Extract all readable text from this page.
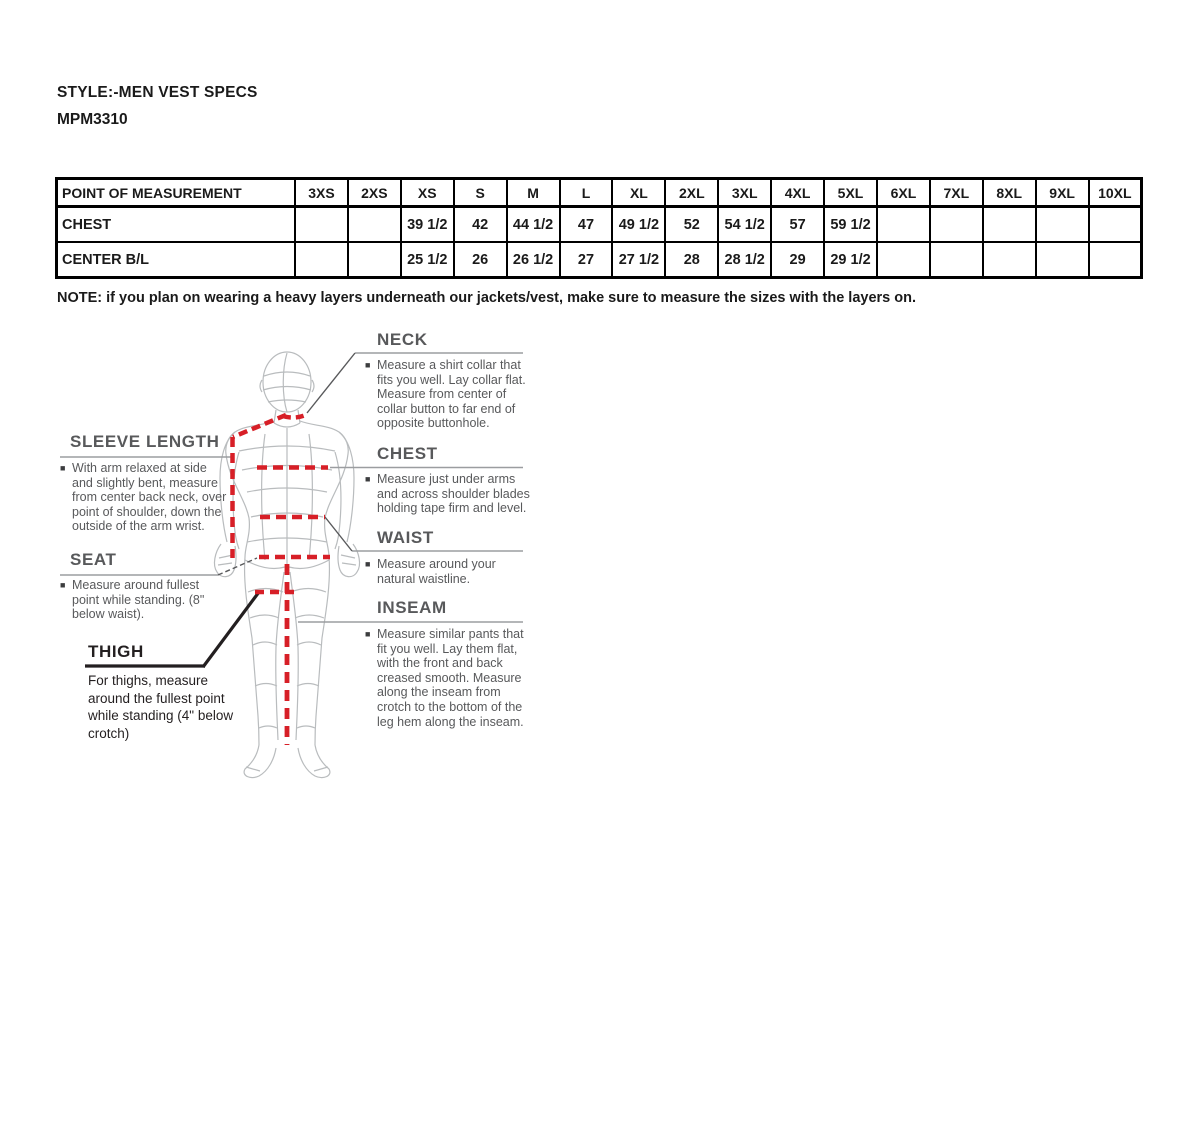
STYLE:-MEN VEST SPECS
MPM3310
POINT OF MEASUREMENT	3XS	2XS	XS	S	M	L	XL	2XL	3XL	4XL	5XL	6XL	7XL	8XL	9XL	10XL
CHEST			39 1/2	42	44 1/2	47	49 1/2	52	54 1/2	57	59 1/2					
CENTER B/L			25 1/2	26	26 1/2	27	27 1/2	28	28 1/2	29	29 1/2					
NOTE: if you plan on wearing a heavy layers underneath our jackets/vest, make sure to measure the sizes with the layers on.
NECK
■ Measure a shirt collar that fits you well. Lay collar flat. Measure from center of collar button to far end of opposite buttonhole.
SLEEVE LENGTH
■ With arm relaxed at side and slightly bent, measure from center back neck, over point of shoulder, down the outside of the arm wrist.
CHEST
■ Measure just under arms and across shoulder blades holding tape firm and level.
WAIST
■ Measure around your natural waistline.
SEAT
■ Measure around fullest point while standing. (8" below waist).
THIGH
For thighs, measure around the fullest point while standing (4" below crotch)
INSEAM
■ Measure similar pants that fit you well. Lay them flat, with the front and back creased smooth. Measure along the inseam from crotch to the bottom of the leg hem along the inseam.
